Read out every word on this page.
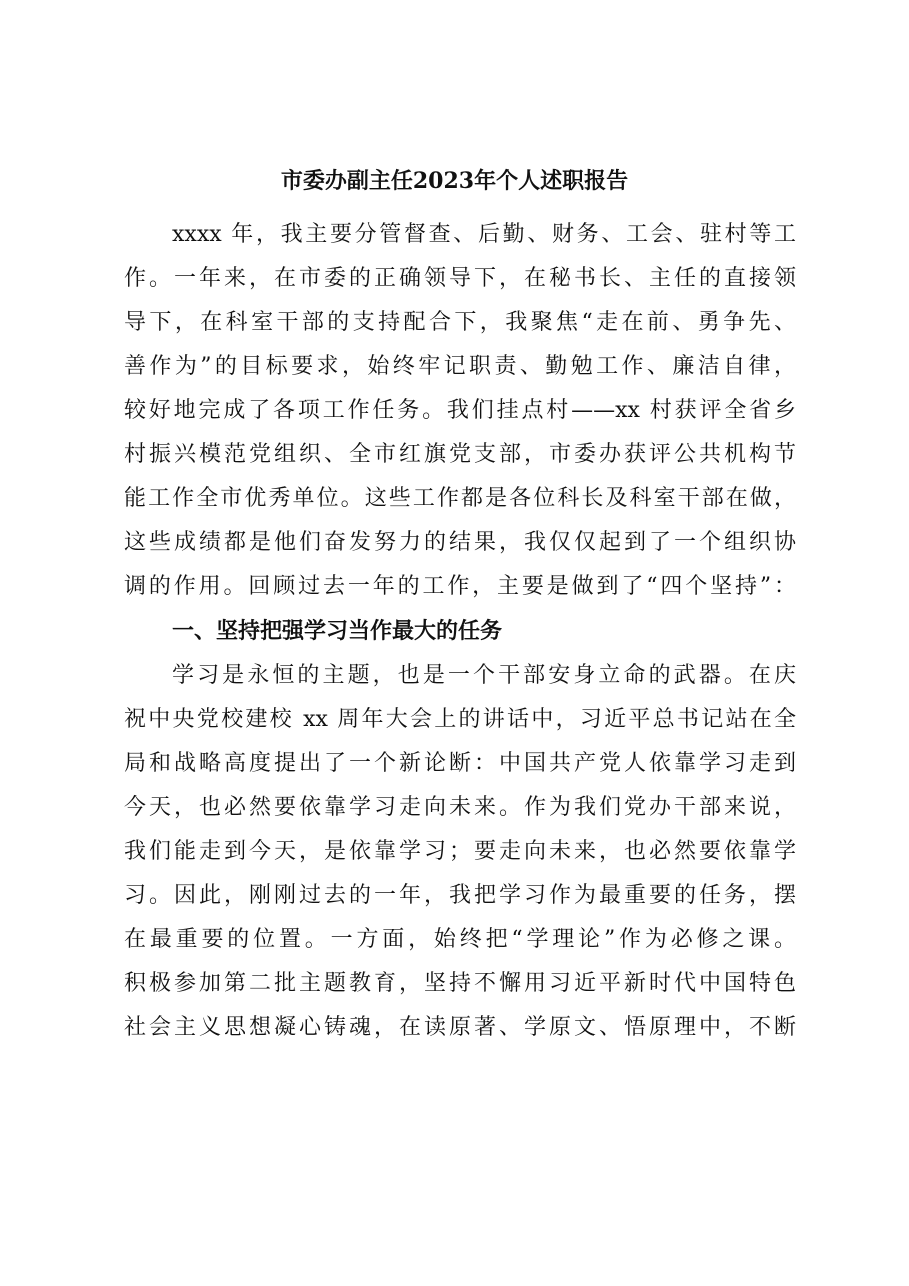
市委办副主任2023年个人述职报告
xxxx 年，我主要分管督查、后勤、财务、工会、驻村等工
作。一年来，在市委的正确领导下，在秘书长、主任的直接领
导下，在科室干部的支持配合下，我聚焦“走在前、勇争先、
善作为”的目标要求，始终牢记职责、勤勉工作、廉洁自律，
较好地完成了各项工作任务。我们挂点村——xx 村获评全省乡
村振兴模范党组织、全市红旗党支部，市委办获评公共机构节
能工作全市优秀单位。这些工作都是各位科长及科室干部在做，
这些成绩都是他们奋发努力的结果，我仅仅起到了一个组织协
调的作用。回顾过去一年的工作，主要是做到了“四个坚持”：
一、坚持把强学习当作最大的任务
学习是永恒的主题，也是一个干部安身立命的武器。在庆
祝中央党校建校 xx 周年大会上的讲话中，习近平总书记站在全
局和战略高度提出了一个新论断：中国共产党人依靠学习走到
今天，也必然要依靠学习走向未来。作为我们党办干部来说，
我们能走到今天，是依靠学习；要走向未来，也必然要依靠学
习。因此，刚刚过去的一年，我把学习作为最重要的任务，摆
在最重要的位置。一方面，始终把“学理论”作为必修之课。
积极参加第二批主题教育，坚持不懈用习近平新时代中国特色
社会主义思想凝心铸魂，在读原著、学原文、悟原理中，不断
